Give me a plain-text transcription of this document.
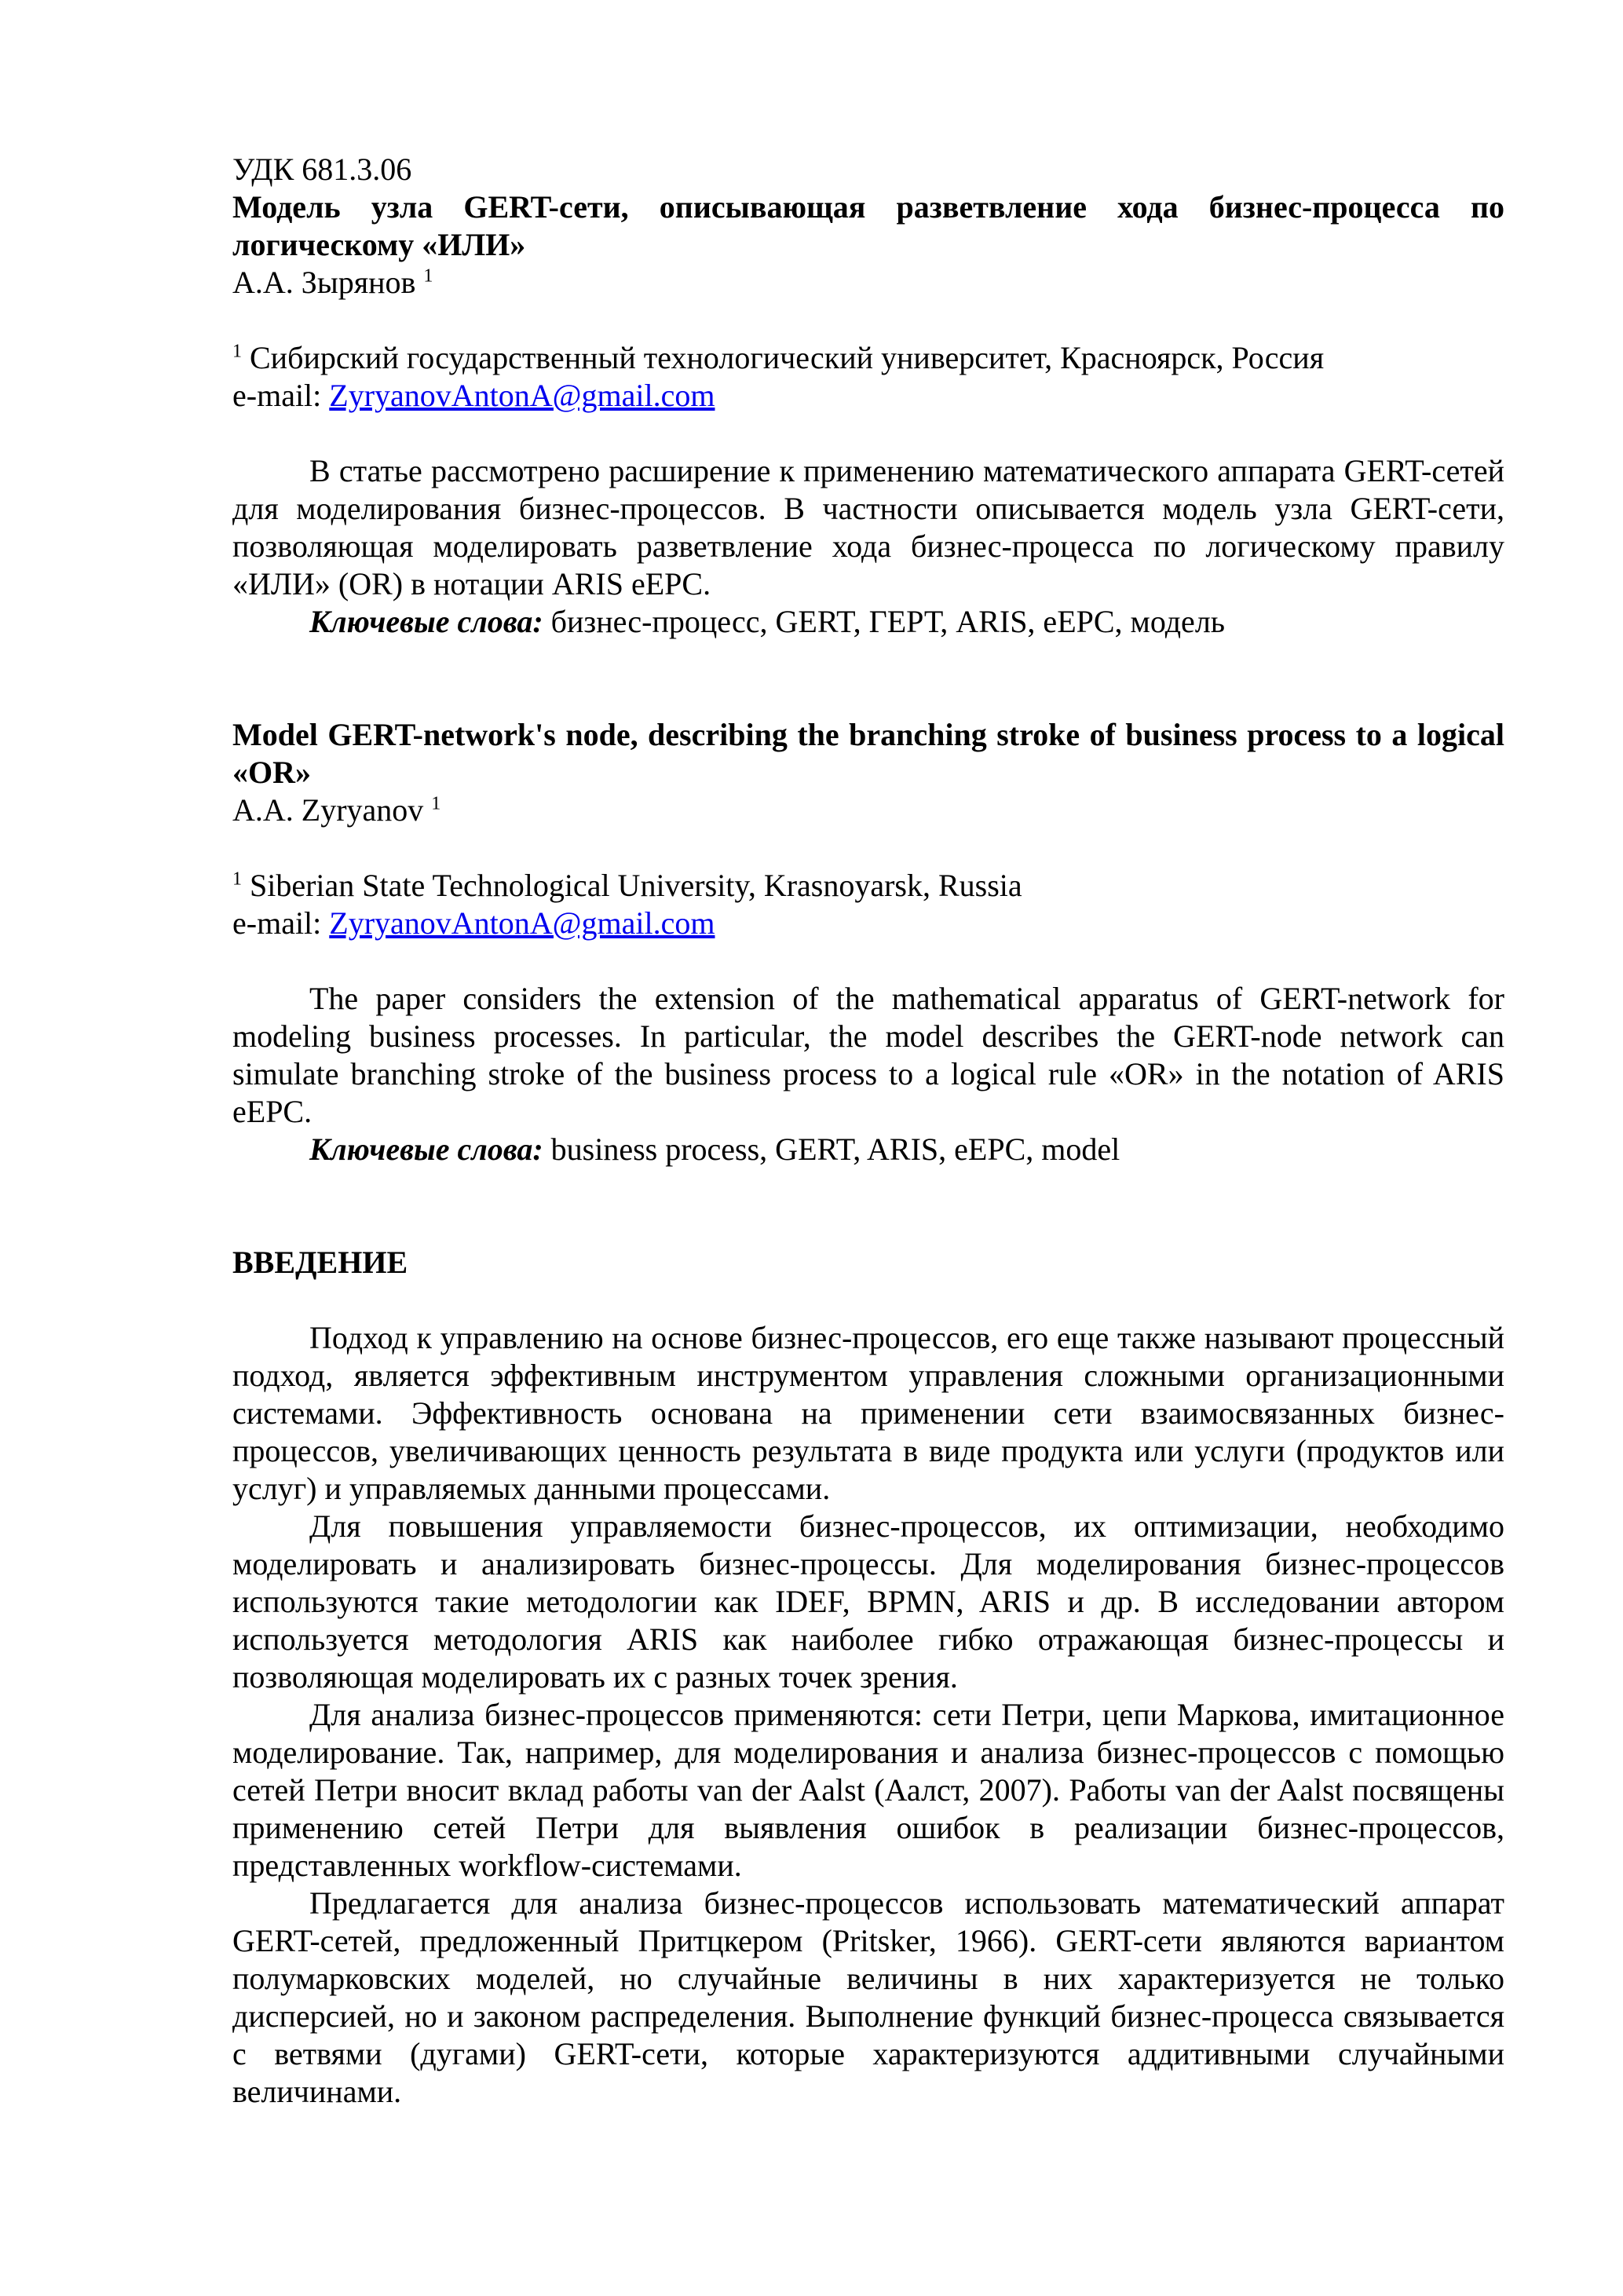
УДК 681.3.06

Модель узла GERT-сети, описывающая разветвление хода бизнес-процесса по логическому «ИЛИ»

А.А. Зырянов $^1$
$^1$ Сибирский государственный технологический университет, Красноярск, Россия
e-mail: ZyryanovAntonA@gmail.com

В статье рассмотрено расширение к применению математического аппарата GERT-сетей для моделирования бизнес-процессов. В частности описывается модель узла GERT-сети, позволяющая моделировать разветвление хода бизнес-процесса по логическому правилу «ИЛИ» (OR) в нотации ARIS eEPC.

Ключевые слова: бизнес-процесс, GERT, ГЕРТ, ARIS, eEPC, модель

Model GERT-network's node, describing the branching stroke of business process to a logical «OR»

A.A. Zyryanov $^1$
$^1$ Siberian State Technological University, Krasnoyarsk, Russia
e-mail: ZyryanovAntonA@gmail.com

The paper considers the extension of the mathematical apparatus of GERT-network for modeling business processes. In particular, the model describes the GERT-node network can simulate branching stroke of the business process to a logical rule «OR» in the notation of ARIS eEPC.

Ключевые слова: business process, GERT, ARIS, eEPC, model

ВВЕДЕНИЕ

Подход к управлению на основе бизнес-процессов, его еще также называют процессный подход, является эффективным инструментом управления сложными организационными системами. Эффективность основана на применении сети взаимосвязанных бизнес-процессов, увеличивающих ценность результата в виде продукта или услуги (продуктов или услуг) и управляемых данными процессами.

Для повышения управляемости бизнес-процессов, их оптимизации, необходимо моделировать и анализировать бизнес-процессы. Для моделирования бизнес-процессов используются такие методологии как IDEF, BPMN, ARIS и др. В исследовании автором используется методология ARIS как наиболее гибко отражающая бизнес-процессы и позволяющая моделировать их с разных точек зрения.

Для анализа бизнес-процессов применяются: сети Петри, цепи Маркова, имитационное моделирование. Так, например, для моделирования и анализа бизнес-процессов с помощью сетей Петри вносит вклад работы van der Aalst (Аалст, 2007). Работы van der Aalst посвящены применению сетей Петри для выявления ошибок в реализации бизнес-процессов, представленных workflow-системами.

Предлагается для анализа бизнес-процессов использовать математический аппарат GERT-сетей, предложенный Притцкером (Pritsker, 1966). GERT-сети являются вариантом полумарковских моделей, но случайные величины в них характеризуется не только дисперсией, но и законом распределения. Выполнение функций бизнес-процесса связывается с ветвями (дугами) GERT-сети, которые характеризуются аддитивными случайными величинами.
